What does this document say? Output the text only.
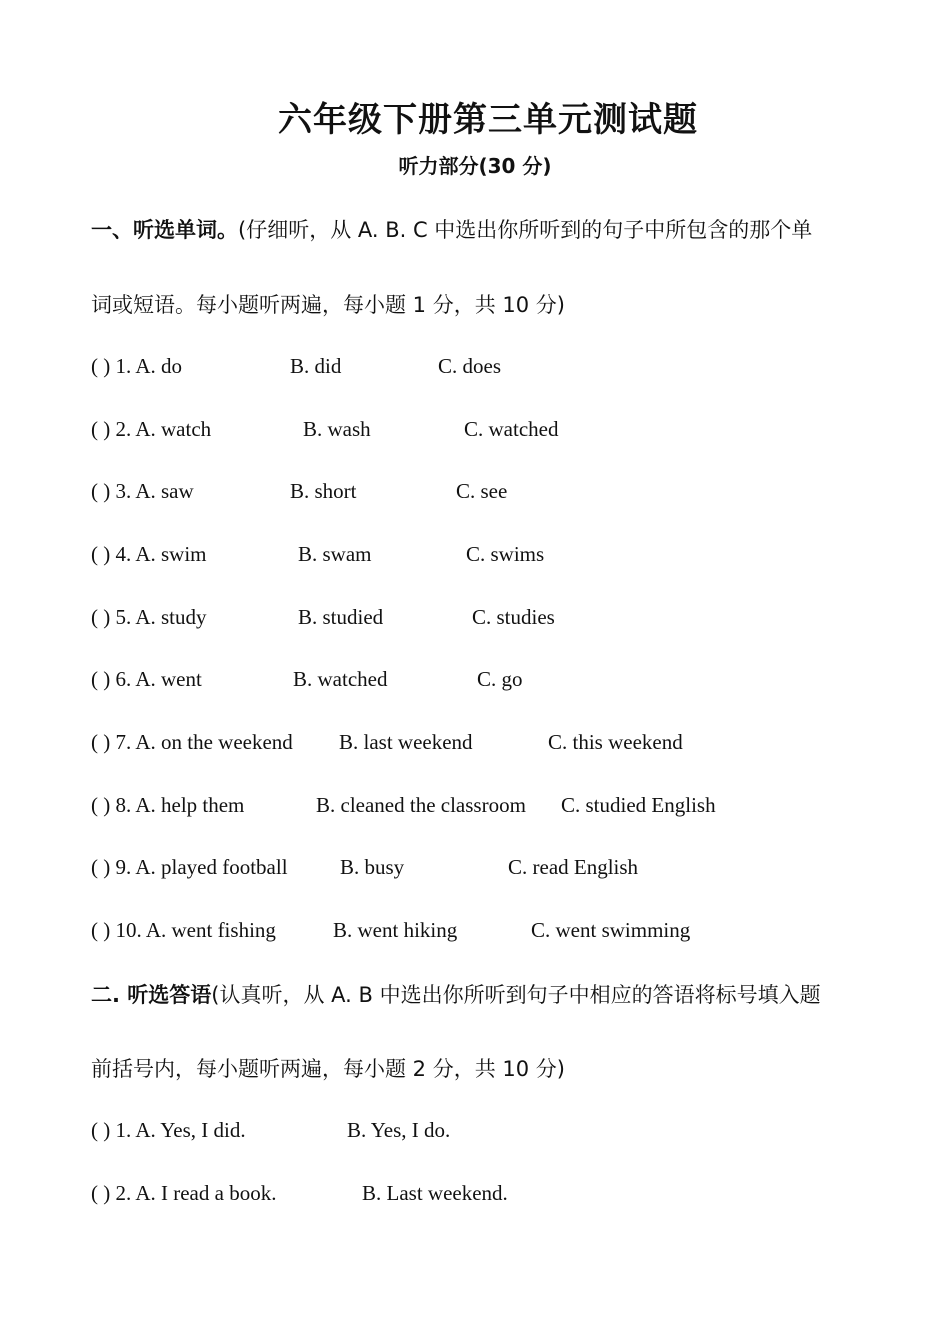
六年级下册第三单元测试题
听力部分(30 分)
一、听选单词。(仔细听，从 A. B. C 中选出你所听到的句子中所包含的那个单
词或短语。每小题听两遍，每小题 1 分，共 10 分)
( ) 1. A. do	B. did	C. does
( ) 2. A. watch	B. wash	C. watched
( ) 3. A. saw	B. short	C. see
( ) 4. A. swim	B. swam	C. swims
( ) 5. A. study	B. studied	C. studies
( ) 6. A. went	B. watched	C. go
( ) 7. A. on the weekend B. last weekend	C. this weekend
( ) 8. A. help them	B. cleaned the classroom C. studied English
( ) 9. A. played football B. busy	C. read English
( ) 10. A. went fishing	B. went hiking	C. went swimming
二. 听选答语(认真听，从 A. B 中选出你所听到句子中相应的答语将标号填入题
前括号内，每小题听两遍，每小题 2 分，共 10 分)
( ) 1. A. Yes, I did.	B. Yes, I do.
( ) 2. A. I read a book.	B. Last weekend.
